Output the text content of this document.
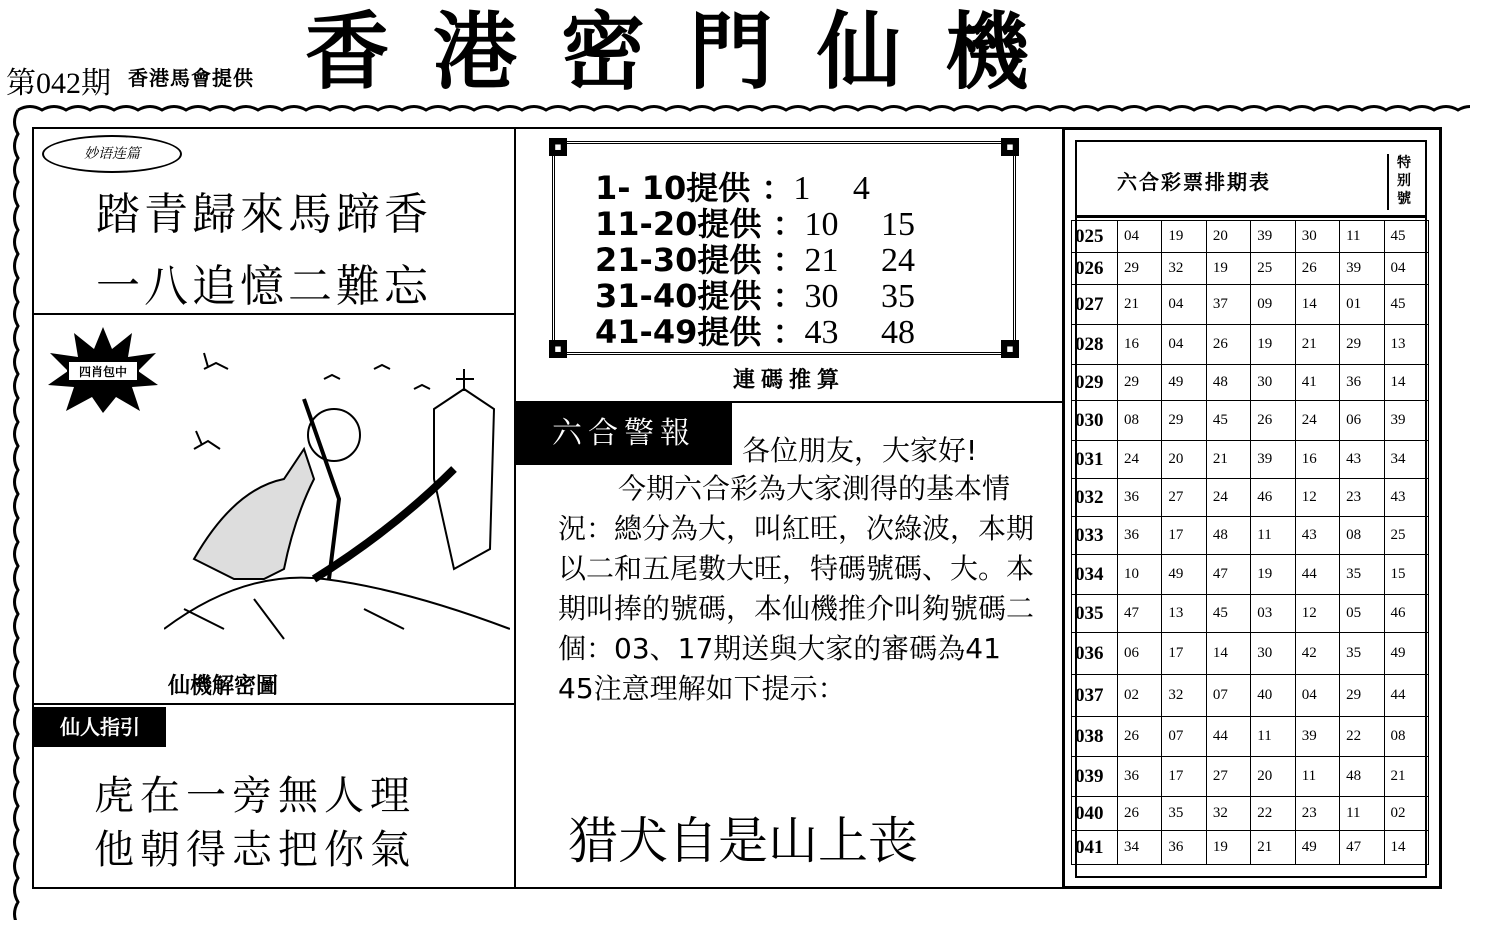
第042期 香港馬會提供 香港密門仙機
妙语连篇
踏青歸來馬蹄香
一八追憶二難忘
四肖包中
仙機解密圖
仙人指引
虎在一旁無人理
他朝得志把你氣
▪	▪
▪	▪
1- 10提供 ：1 　4
11-20提供 ：10 　15
21-30提供 ：21 　24
31-40提供 ：30 　35
41-49提供 ：43 　48
連碼推算
六合警報	各位朋友，大家好!
今期六合彩為大家測得的基本情況：總分為大，叫紅旺，次綠波，本期以二和五尾數大旺，特碼號碼、大。本期叫捧的號碼，本仙機推介叫夠號碼二個：03、17期送與大家的審碼為41 45注意理解如下提示：
猎犬自是山上丧
六合彩票排期表
特别號
025	04	19	20	39	30	11	45
026	29	32	19	25	26	39	04
027	21	04	37	09	14	01	45
028	16	04	26	19	21	29	13
029	29	49	48	30	41	36	14
030	08	29	45	26	24	06	39
031	24	20	21	39	16	43	34
032	36	27	24	46	12	23	43
033	36	17	48	11	43	08	25
034	10	49	47	19	44	35	15
035	47	13	45	03	12	05	46
036	06	17	14	30	42	35	49
037	02	32	07	40	04	29	44
038	26	07	44	11	39	22	08
039	36	17	27	20	11	48	21
040	26	35	32	22	23	11	02
041	34	36	19	21	49	47	14
